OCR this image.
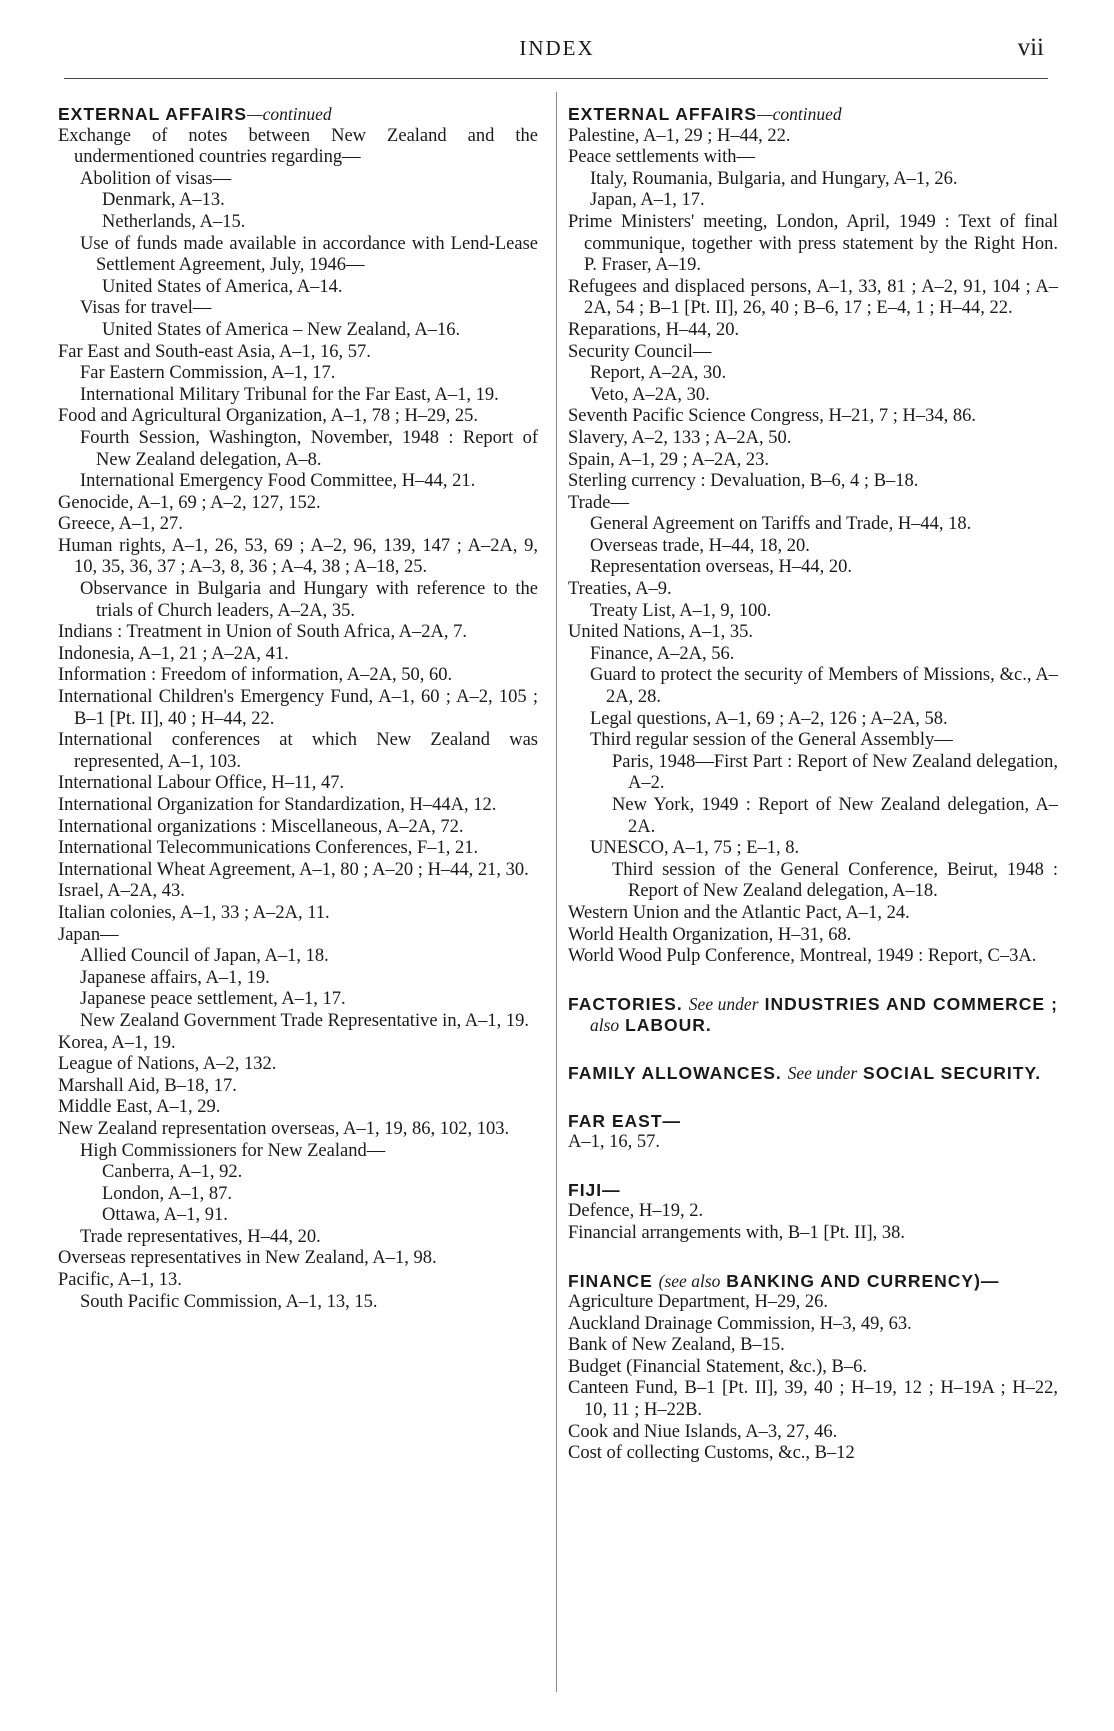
INDEX	vii
EXTERNAL AFFAIRS—continued
Exchange of notes between New Zealand and the undermentioned countries regarding—
Abolition of visas—
Denmark, A–13.
Netherlands, A–15.
Use of funds made available in accordance with Lend-Lease Settlement Agreement, July, 1946—
United States of America, A–14.
Visas for travel—
United States of America – New Zealand, A–16.
Far East and South-east Asia, A–1, 16, 57.
Far Eastern Commission, A–1, 17.
International Military Tribunal for the Far East, A–1, 19.
Food and Agricultural Organization, A–1, 78 ; H–29, 25.
Fourth Session, Washington, November, 1948 : Report of New Zealand delegation, A–8.
International Emergency Food Committee, H–44, 21.
Genocide, A–1, 69 ; A–2, 127, 152.
Greece, A–1, 27.
Human rights, A–1, 26, 53, 69 ; A–2, 96, 139, 147 ; A–2A, 9, 10, 35, 36, 37 ; A–3, 8, 36 ; A–4, 38 ; A–18, 25.
Observance in Bulgaria and Hungary with reference to the trials of Church leaders, A–2A, 35.
Indians : Treatment in Union of South Africa, A–2A, 7.
Indonesia, A–1, 21 ; A–2A, 41.
Information : Freedom of information, A–2A, 50, 60.
International Children's Emergency Fund, A–1, 60 ; A–2, 105 ; B–1 [Pt. II], 40 ; H–44, 22.
International conferences at which New Zealand was represented, A–1, 103.
International Labour Office, H–11, 47.
International Organization for Standardization, H–44A, 12.
International organizations : Miscellaneous, A–2A, 72.
International Telecommunications Conferences, F–1, 21.
International Wheat Agreement, A–1, 80 ; A–20 ; H–44, 21, 30.
Israel, A–2A, 43.
Italian colonies, A–1, 33 ; A–2A, 11.
Japan—
Allied Council of Japan, A–1, 18.
Japanese affairs, A–1, 19.
Japanese peace settlement, A–1, 17.
New Zealand Government Trade Representative in, A–1, 19.
Korea, A–1, 19.
League of Nations, A–2, 132.
Marshall Aid, B–18, 17.
Middle East, A–1, 29.
New Zealand representation overseas, A–1, 19, 86, 102, 103.
High Commissioners for New Zealand—
Canberra, A–1, 92.
London, A–1, 87.
Ottawa, A–1, 91.
Trade representatives, H–44, 20.
Overseas representatives in New Zealand, A–1, 98.
Pacific, A–1, 13.
South Pacific Commission, A–1, 13, 15.
EXTERNAL AFFAIRS—continued
Palestine, A–1, 29 ; H–44, 22.
Peace settlements with—
Italy, Roumania, Bulgaria, and Hungary, A–1, 26.
Japan, A–1, 17.
Prime Ministers' meeting, London, April, 1949 : Text of final communique, together with press statement by the Right Hon. P. Fraser, A–19.
Refugees and displaced persons, A–1, 33, 81 ; A–2, 91, 104 ; A–2A, 54 ; B–1 [Pt. II], 26, 40 ; B–6, 17 ; E–4, 1 ; H–44, 22.
Reparations, H–44, 20.
Security Council—
Report, A–2A, 30.
Veto, A–2A, 30.
Seventh Pacific Science Congress, H–21, 7 ; H–34, 86.
Slavery, A–2, 133 ; A–2A, 50.
Spain, A–1, 29 ; A–2A, 23.
Sterling currency : Devaluation, B–6, 4 ; B–18.
Trade—
General Agreement on Tariffs and Trade, H–44, 18.
Overseas trade, H–44, 18, 20.
Representation overseas, H–44, 20.
Treaties, A–9.
Treaty List, A–1, 9, 100.
United Nations, A–1, 35.
Finance, A–2A, 56.
Guard to protect the security of Members of Missions, &c., A–2A, 28.
Legal questions, A–1, 69 ; A–2, 126 ; A–2A, 58.
Third regular session of the General Assembly—
Paris, 1948—First Part : Report of New Zealand delegation, A–2.
New York, 1949 : Report of New Zealand delegation, A–2A.
UNESCO, A–1, 75 ; E–1, 8.
Third session of the General Conference, Beirut, 1948 : Report of New Zealand delegation, A–18.
Western Union and the Atlantic Pact, A–1, 24.
World Health Organization, H–31, 68.
World Wood Pulp Conference, Montreal, 1949 : Report, C–3A.
FACTORIES. See under INDUSTRIES AND COMMERCE ; also LABOUR.
FAMILY ALLOWANCES. See under SOCIAL SECURITY.
FAR EAST—
A–1, 16, 57.
FIJI—
Defence, H–19, 2.
Financial arrangements with, B–1 [Pt. II], 38.
FINANCE (see also BANKING AND CURRENCY)—
Agriculture Department, H–29, 26.
Auckland Drainage Commission, H–3, 49, 63.
Bank of New Zealand, B–15.
Budget (Financial Statement, &c.), B–6.
Canteen Fund, B–1 [Pt. II], 39, 40 ; H–19, 12 ; H–19A ; H–22, 10, 11 ; H–22B.
Cook and Niue Islands, A–3, 27, 46.
Cost of collecting Customs, &c., B–12
